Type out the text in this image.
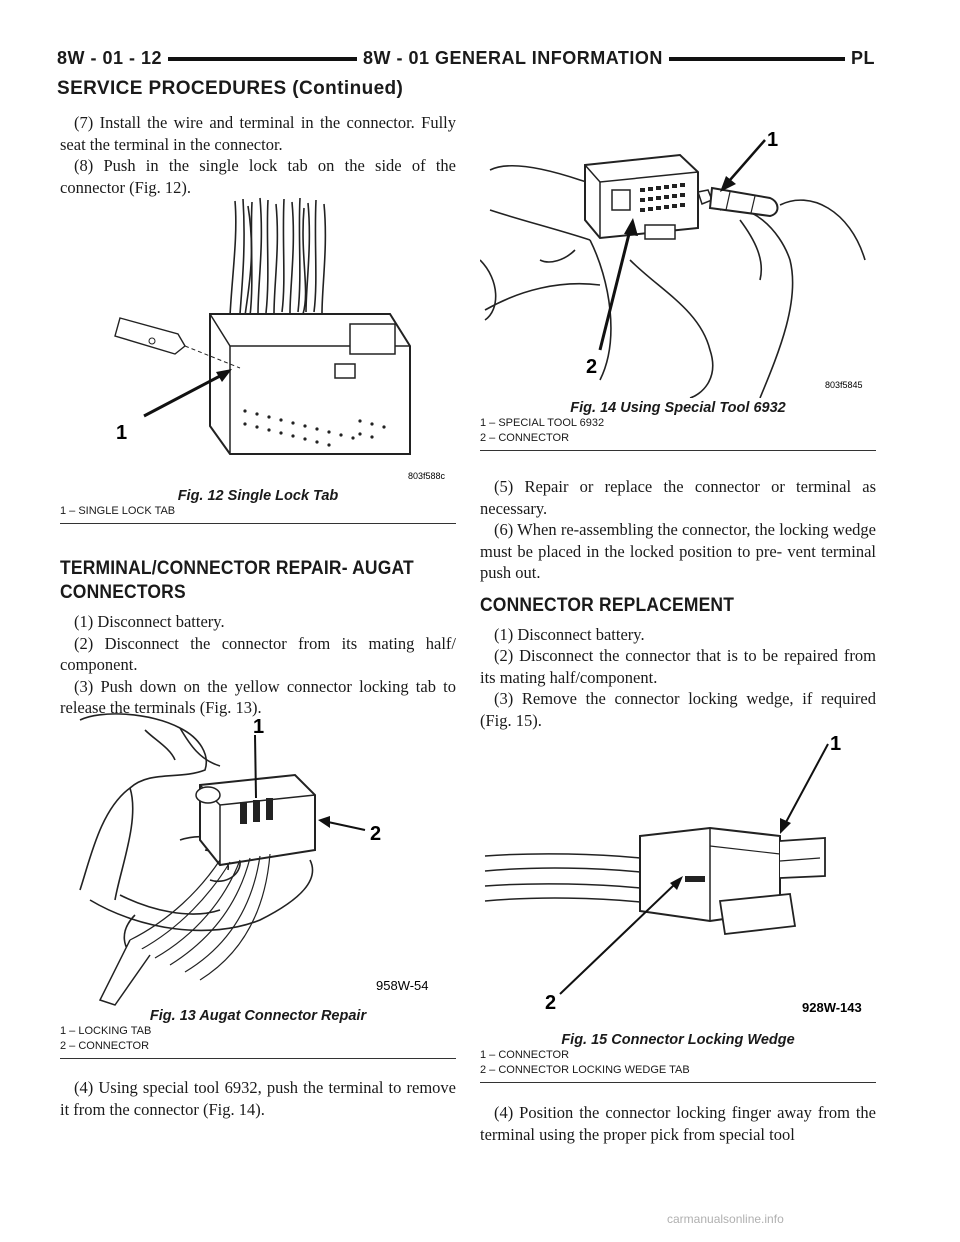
8W - 01 - 12	8W - 01 GENERAL INFORMATION	PL
SERVICE PROCEDURES (Continued)

(7) Install the wire and terminal in the connector. Fully seat the terminal in the connector.

(8) Push in the single lock tab on the side of the connector (Fig. 12).

803f588c
1
Fig. 12 Single Lock Tab
1 – SINGLE LOCK TAB
TERMINAL/CONNECTOR REPAIR- AUGAT CONNECTORS

(1) Disconnect battery.

(2) Disconnect the connector from its mating half/ component.

(3) Push down on the yellow connector locking tab to release the terminals (Fig. 13).

1
2
958W-54
Fig. 13 Augat Connector Repair
1 – LOCKING TAB
2 – CONNECTOR

(4) Using special tool 6932, push the terminal to remove it from the connector (Fig. 14).

1
2
803f5845
Fig. 14 Using Special Tool 6932
1 – SPECIAL TOOL 6932
2 – CONNECTOR

(5) Repair or replace the connector or terminal as necessary.

(6) When re-assembling the connector, the locking wedge must be placed in the locked position to pre- vent terminal push out.

CONNECTOR REPLACEMENT

(1) Disconnect battery.

(2) Disconnect the connector that is to be repaired from its mating half/component.

(3) Remove the connector locking wedge, if required (Fig. 15).

1
2	928W-143
Fig. 15 Connector Locking Wedge
1 – CONNECTOR
2 – CONNECTOR LOCKING WEDGE TAB

(4) Position the connector locking finger away from the terminal using the proper pick from special tool

carmanualsonline.info
